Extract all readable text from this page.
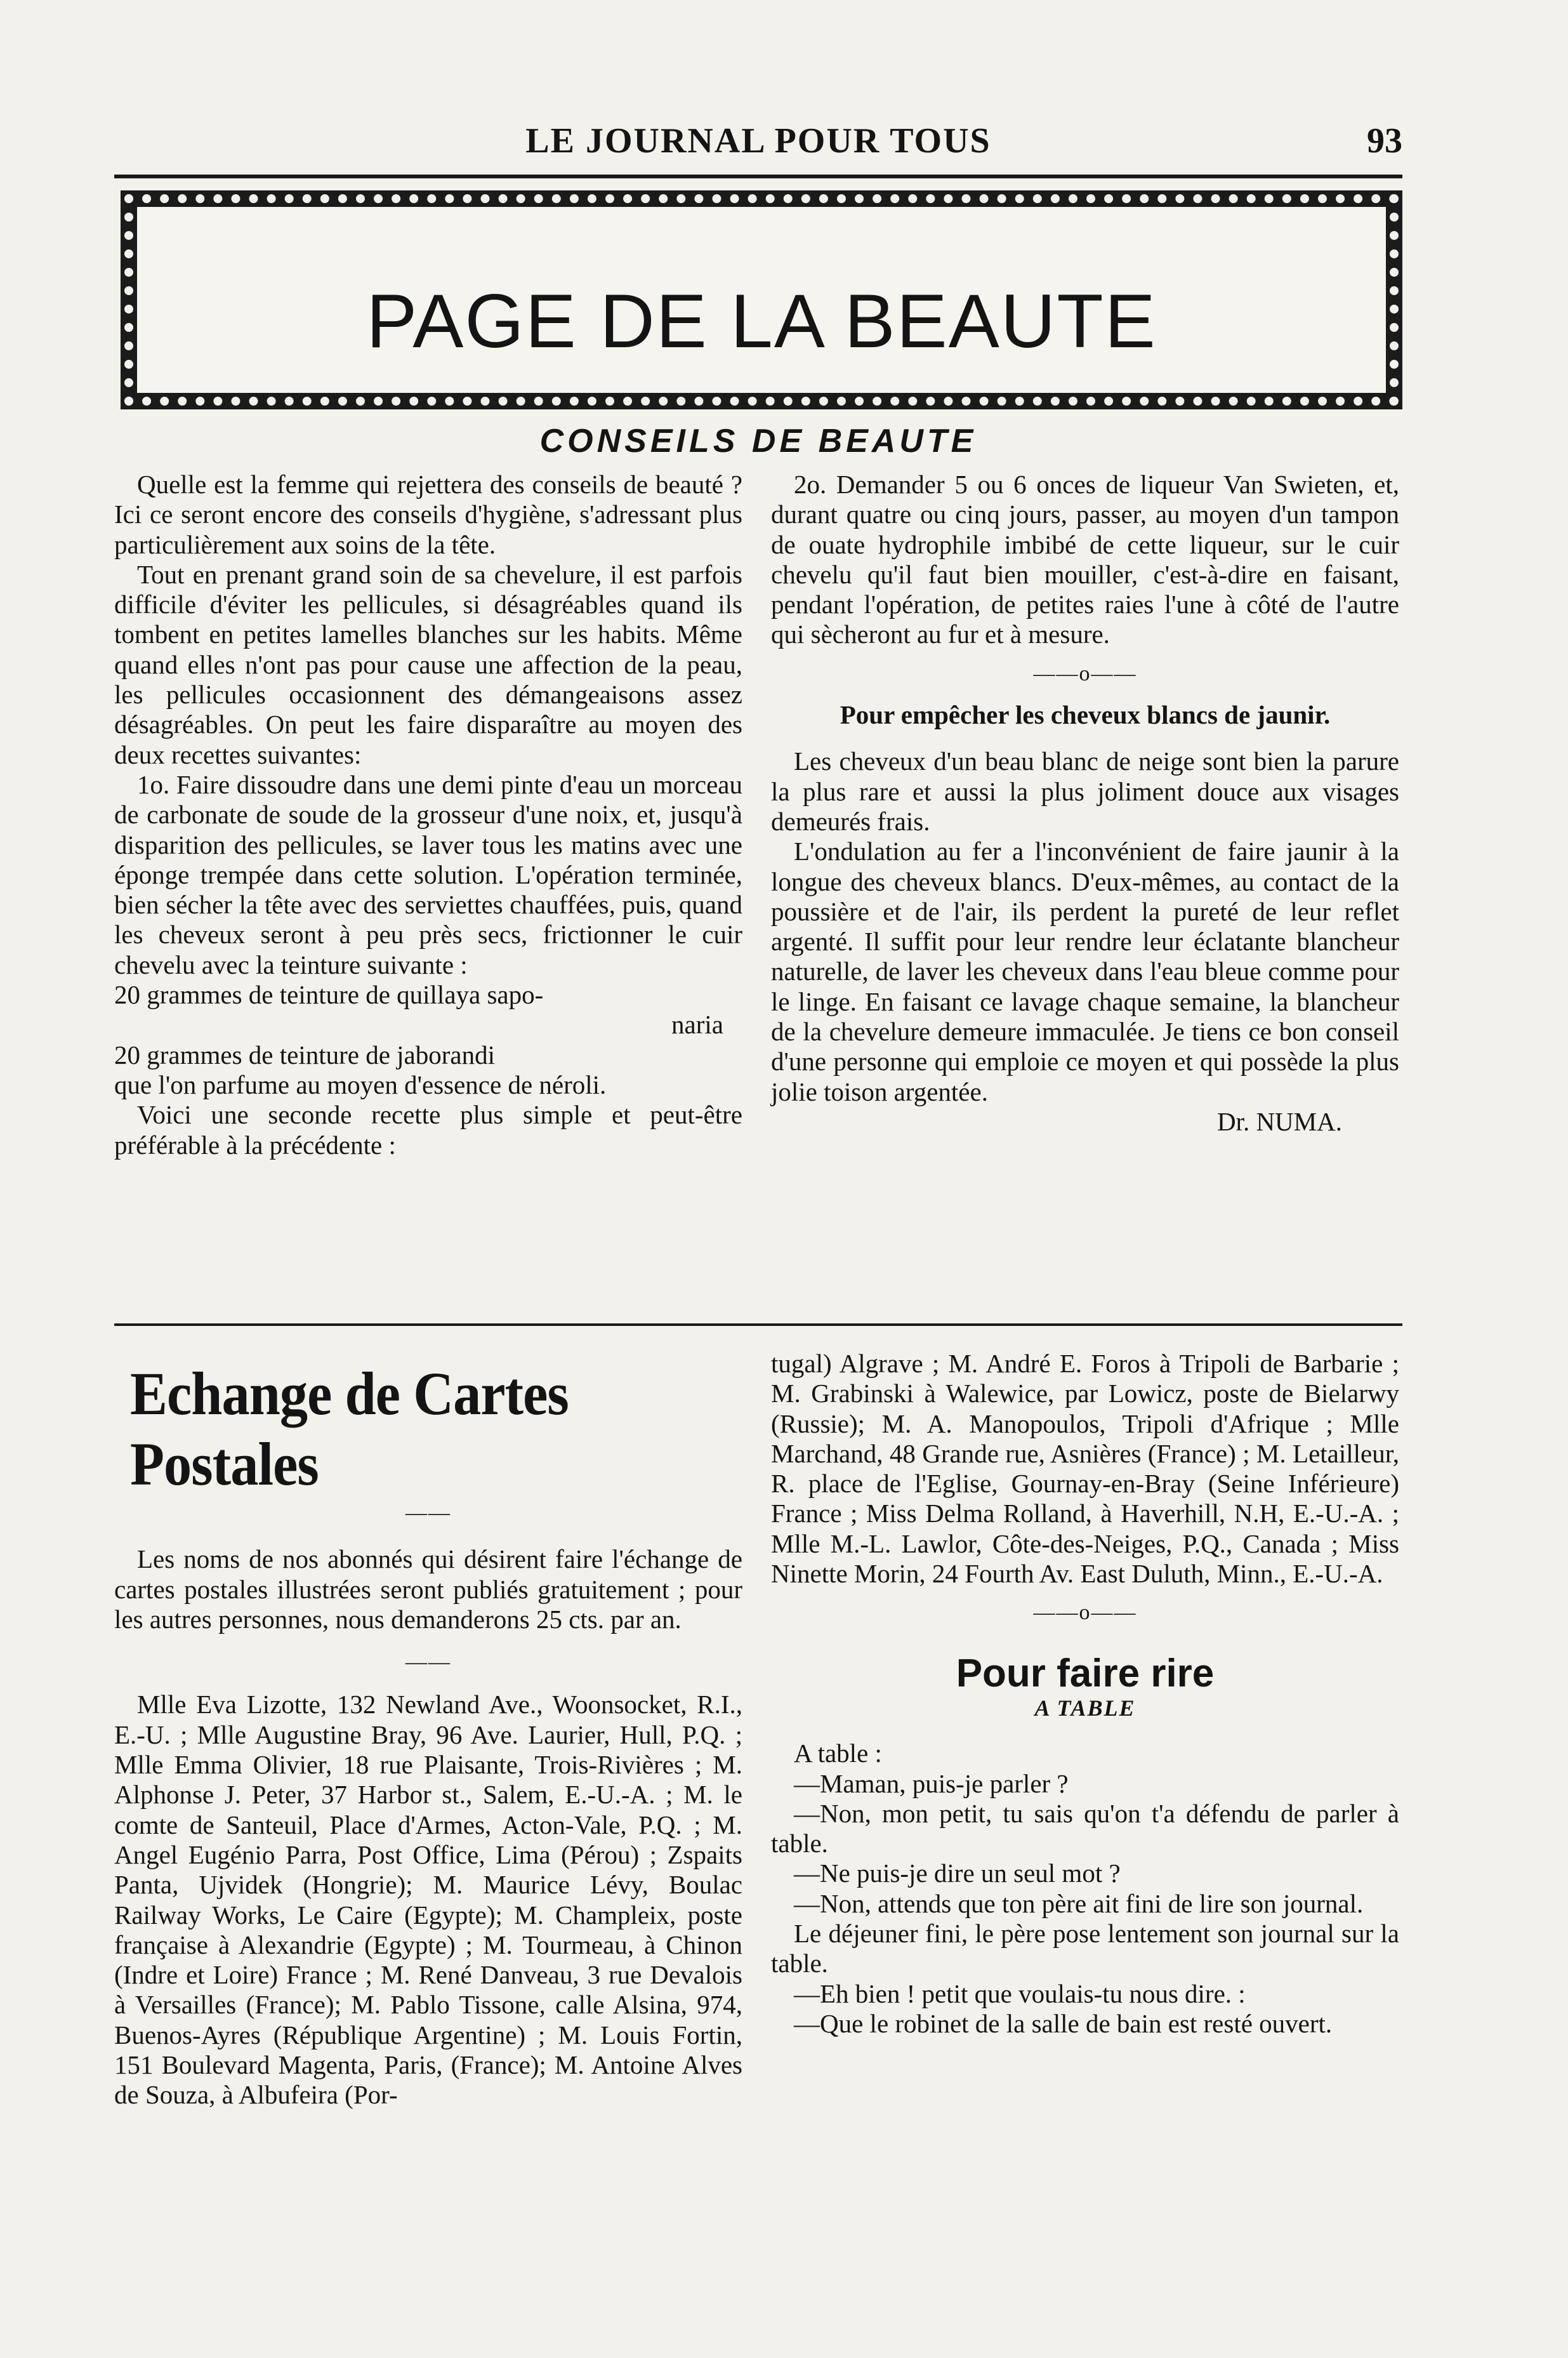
LE JOURNAL POUR TOUS	93
PAGE DE LA BEAUTE
CONSEILS DE BEAUTE

Quelle est la femme qui rejettera des conseils de beauté ? Ici ce seront encore des conseils d'hygiène, s'adressant plus particulièrement aux soins de la tête.

Tout en prenant grand soin de sa chevelure, il est parfois difficile d'éviter les pellicules, si désagréables quand ils tombent en petites lamelles blanches sur les habits. Même quand elles n'ont pas pour cause une affection de la peau, les pellicules occasionnent des démangeaisons assez désagréables. On peut les faire disparaître au moyen des deux recettes suivantes:

1o. Faire dissoudre dans une demi pinte d'eau un morceau de carbonate de soude de la grosseur d'une noix, et, jusqu'à disparition des pellicules, se laver tous les matins avec une éponge trempée dans cette solution. L'opération terminée, bien sécher la tête avec des serviettes chauffées, puis, quand les cheveux seront à peu près secs, frictionner le cuir chevelu avec la teinture suivante :

20 grammes de teinture de quillaya sapo-
naria

20 grammes de teinture de jaborandi

que l'on parfume au moyen d'essence de néroli.

Voici une seconde recette plus simple et peut-être préférable à la précédente :

2o. Demander 5 ou 6 onces de liqueur Van Swieten, et, durant quatre ou cinq jours, passer, au moyen d'un tampon de ouate hydrophile imbibé de cette liqueur, sur le cuir chevelu qu'il faut bien mouiller, c'est-à-dire en faisant, pendant l'opération, de petites raies l'une à côté de l'autre qui sècheront au fur et à mesure.

——o——
Pour empêcher les cheveux blancs de jaunir.

Les cheveux d'un beau blanc de neige sont bien la parure la plus rare et aussi la plus joliment douce aux visages demeurés frais.

L'ondulation au fer a l'inconvénient de faire jaunir à la longue des cheveux blancs. D'eux-mêmes, au contact de la poussière et de l'air, ils perdent la pureté de leur reflet argenté. Il suffit pour leur rendre leur éclatante blancheur naturelle, de laver les cheveux dans l'eau bleue comme pour le linge. En faisant ce lavage chaque semaine, la blancheur de la chevelure demeure immaculée. Je tiens ce bon conseil d'une personne qui emploie ce moyen et qui possède la plus jolie toison argentée.

Dr. NUMA.

Echange de Cartes Postales
——

Les noms de nos abonnés qui désirent faire l'échange de cartes postales illustrées seront publiés gratuitement ; pour les autres personnes, nous demanderons 25 cts. par an.

——

Mlle Eva Lizotte, 132 Newland Ave., Woonsocket, R.I., E.-U. ; Mlle Augustine Bray, 96 Ave. Laurier, Hull, P.Q. ; Mlle Emma Olivier, 18 rue Plaisante, Trois-Rivières ; M. Alphonse J. Peter, 37 Harbor st., Salem, E.-U.-A. ; M. le comte de Santeuil, Place d'Armes, Acton-Vale, P.Q. ; M. Angel Eugénio Parra, Post Office, Lima (Pérou) ; Zspaits Panta, Ujvidek (Hongrie); M. Maurice Lévy, Boulac Railway Works, Le Caire (Egypte); M. Champleix, poste française à Alexandrie (Egypte) ; M. Tourmeau, à Chinon (Indre et Loire) France ; M. René Danveau, 3 rue Devalois à Versailles (France); M. Pablo Tissone, calle Alsina, 974, Buenos-Ayres (République Argentine) ; M. Louis Fortin, 151 Boulevard Magenta, Paris, (France); M. Antoine Alves de Souza, à Albufeira (Por-

tugal) Algrave ; M. André E. Foros à Tripoli de Barbarie ; M. Grabinski à Walewice, par Lowicz, poste de Bielarwy (Russie); M. A. Manopoulos, Tripoli d'Afrique ; Mlle Marchand, 48 Grande rue, Asnières (France) ; M. Letailleur, R. place de l'Eglise, Gournay-en-Bray (Seine Inférieure) France ; Miss Delma Rolland, à Haverhill, N.H, E.-U.-A. ; Mlle M.-L. Lawlor, Côte-des-Neiges, P.Q., Canada ; Miss Ninette Morin, 24 Fourth Av. East Duluth, Minn., E.-U.-A.

——o——
Pour faire rire
A TABLE

A table :

—Maman, puis-je parler ?

—Non, mon petit, tu sais qu'on t'a défendu de parler à table.

—Ne puis-je dire un seul mot ?

—Non, attends que ton père ait fini de lire son journal.

Le déjeuner fini, le père pose lentement son journal sur la table.

—Eh bien ! petit que voulais-tu nous dire. :

—Que le robinet de la salle de bain est resté ouvert.
